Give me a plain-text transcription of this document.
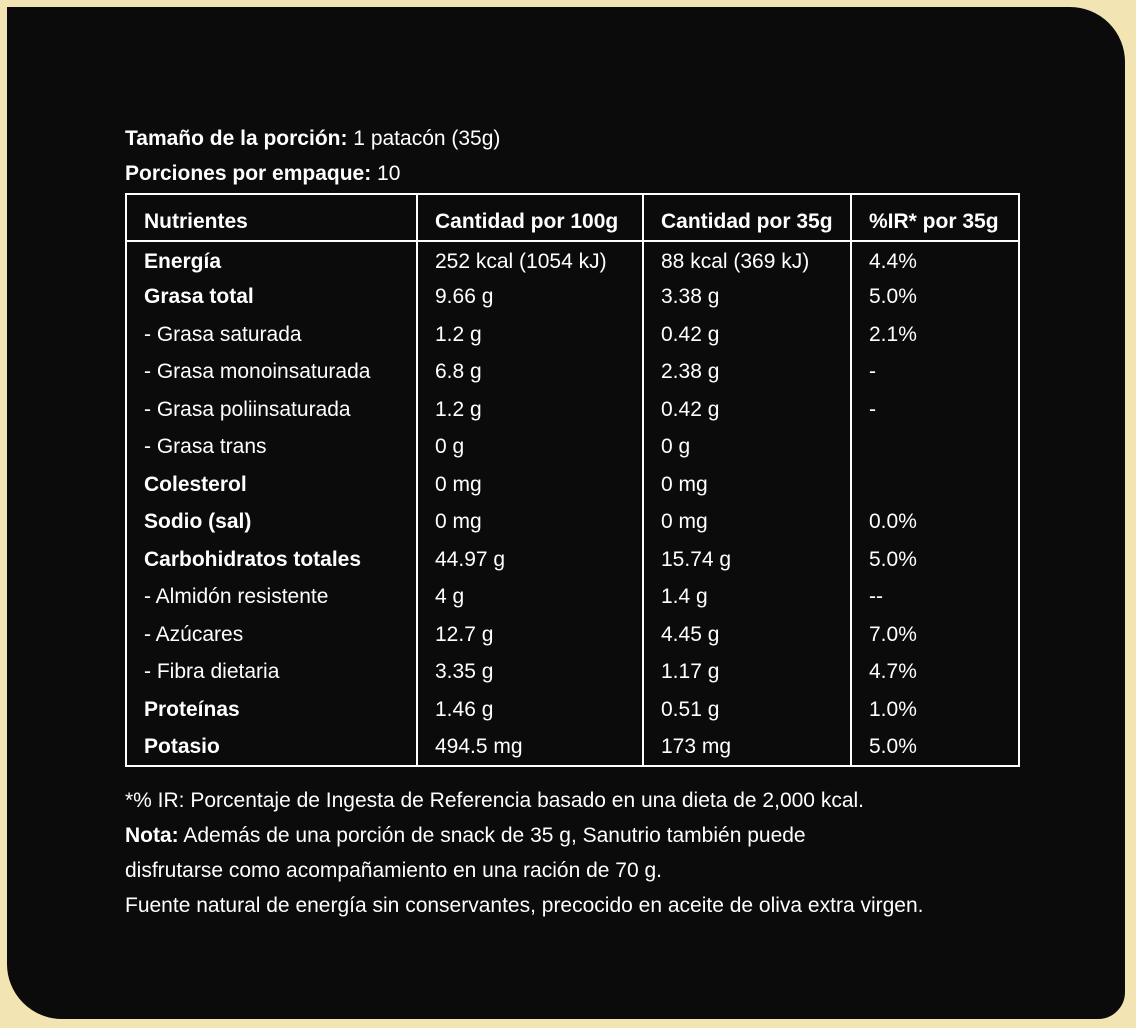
Tamaño de la porción: 1 patacón (35g)
Porciones por empaque: 10
Nutrientes	Cantidad por 100g	Cantidad por 35g	%IR* por 35g
Energía	252 kcal (1054 kJ)	88 kcal (369 kJ)	4.4%
Grasa total	9.66 g	3.38 g	5.0%
- Grasa saturada	1.2 g	0.42 g	2.1%
- Grasa monoinsaturada	6.8 g	2.38 g	-
- Grasa poliinsaturada	1.2 g	0.42 g	-
- Grasa trans	0 g	0 g	
Colesterol	0 mg	0 mg	
Sodio (sal)	0 mg	0 mg	0.0%
Carbohidratos totales	44.97 g	15.74 g	5.0%
- Almidón resistente	4 g	1.4 g	--
- Azúcares	12.7 g	4.45 g	7.0%
- Fibra dietaria	3.35 g	1.17 g	4.7%
Proteínas	1.46 g	0.51 g	1.0%
Potasio	494.5 mg	173 mg	5.0%

*% IR: Porcentaje de Ingesta de Referencia basado en una dieta de 2,000 kcal.

Nota: Además de una porción de snack de 35 g, Sanutrio también puede

disfrutarse como acompañamiento en una ración de 70 g.

Fuente natural de energía sin conservantes, precocido en aceite de oliva extra virgen.
